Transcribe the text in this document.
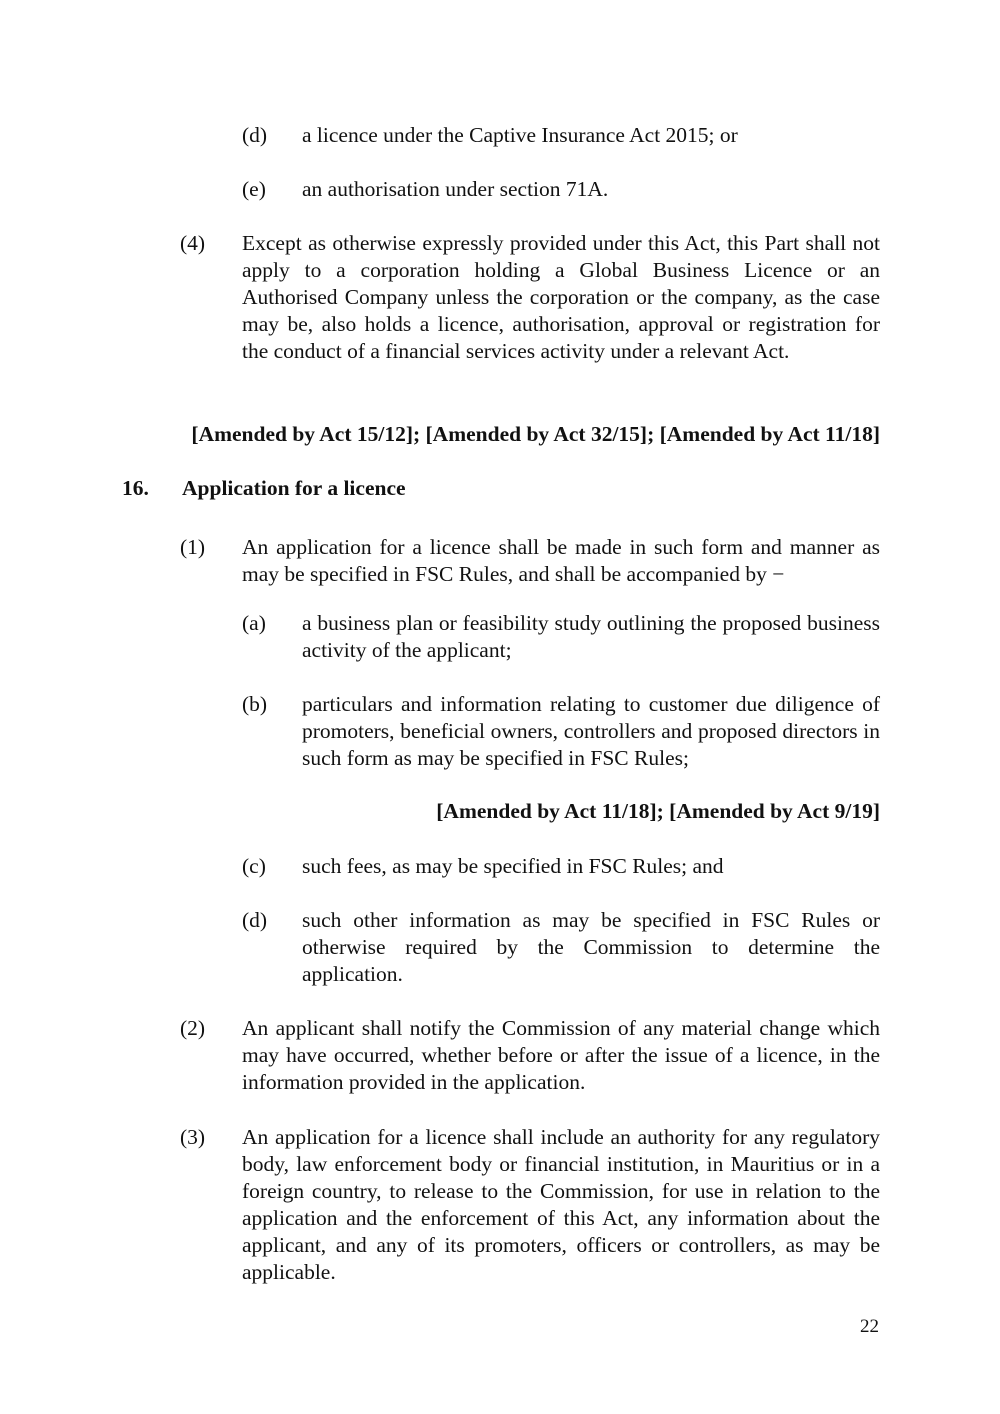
(d)	a licence under the Captive Insurance Act 2015; or
(e)	an authorisation under section 71A.
(4)	Except as otherwise expressly provided under this Act, this Part shall not apply to a corporation holding a Global Business Licence or an Authorised Company unless the corporation or the company, as the case may be, also holds a licence, authorisation, approval or registration for the conduct of a financial services activity under a relevant Act.
[Amended by Act 15/12]; [Amended by Act 32/15]; [Amended by Act 11/18]
16.	Application for a licence
(1)	An application for a licence shall be made in such form and manner as may be specified in FSC Rules, and shall be accompanied by −
(a)	a business plan or feasibility study outlining the proposed business activity of the applicant;
(b)	particulars and information relating to customer due diligence of promoters, beneficial owners, controllers and proposed directors in such form as may be specified in FSC Rules;
[Amended by Act 11/18]; [Amended by Act 9/19]
(c)	such fees, as may be specified in FSC Rules; and
(d)	such other information as may be specified in FSC Rules or otherwise required by the Commission to determine the application.
(2)	An applicant shall notify the Commission of any material change which may have occurred, whether before or after the issue of a licence, in the information provided in the application.
(3)	An application for a licence shall include an authority for any regulatory body, law enforcement body or financial institution, in Mauritius or in a foreign country, to release to the Commission, for use in relation to the application and the enforcement of this Act, any information about the applicant, and any of its promoters, officers or controllers, as may be applicable.
22
